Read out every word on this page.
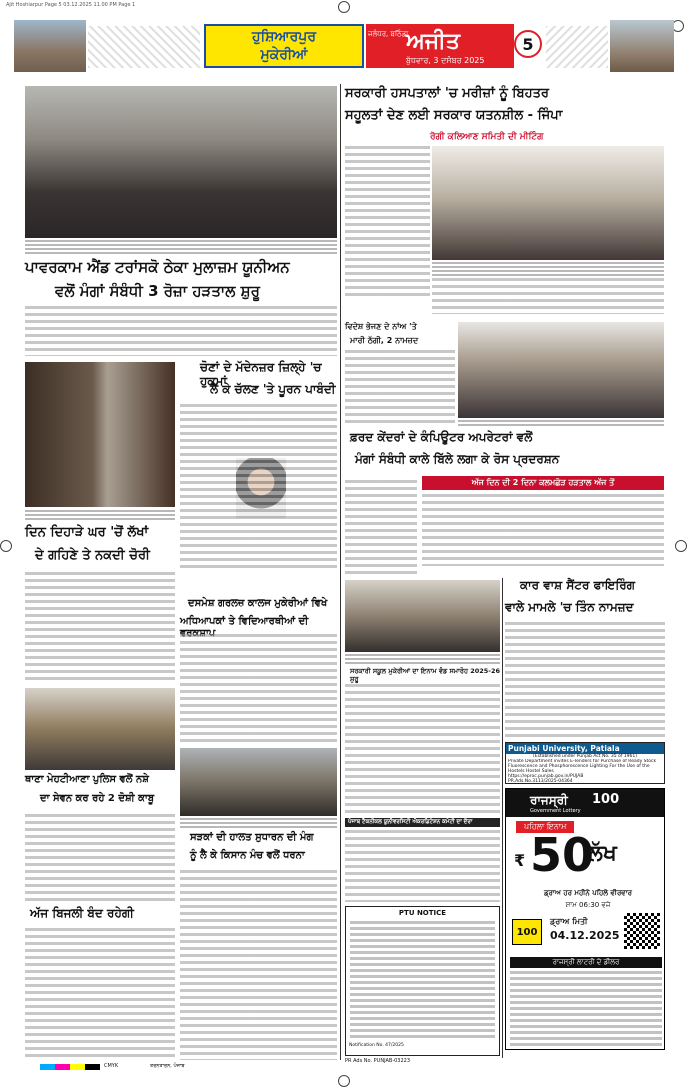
Ajit Hoshiarpur Page 5 03.12.2025 11.00 PM Page 1
ਹੁਸ਼ਿਆਰਪੁਰ
ਮੁਕੇਰੀਆਂ
ਜਲੰਧਰ, ਬਠਿੰਡਾ
ਅਜੀਤ
ਬੁੱਧਵਾਰ, 3 ਦਸੰਬਰ 2025
5
ਪਾਵਰਕਾਮ ਐਂਡ ਟਰਾਂਸਕੋ ਠੇਕਾ ਮੁਲਾਜ਼ਮ ਯੂਨੀਅਨ
ਵਲੋਂ ਮੰਗਾਂ ਸੰਬੰਧੀ 3 ਰੋਜ਼ਾ ਹੜਤਾਲ ਸ਼ੁਰੂ
ਚੋਣਾਂ ਦੇ ਮੱਦੇਨਜ਼ਰ ਜ਼ਿਲ੍ਹੇ 'ਚ ਹੁਕਮਾਂ
ਲੈ ਕੇ ਚੱਲਣ 'ਤੇ ਪੂਰਨ ਪਾਬੰਦੀ
ਦਿਨ ਦਿਹਾੜੇ ਘਰ 'ਚੋਂ ਲੱਖਾਂ
ਦੇ ਗਹਿਣੇ ਤੇ ਨਕਦੀ ਚੋਰੀ
ਦਸਮੇਸ਼ ਗਰਲਜ਼ ਕਾਲਜ ਮੁਕੇਰੀਆਂ ਵਿਖੇ
ਅਧਿਆਪਕਾਂ ਤੇ ਵਿਦਿਆਰਥੀਆਂ ਦੀ
ਥਾਣਾ ਮੇਹਟੀਆਣਾ ਪੁਲਿਸ ਵਲੋਂ ਨਸ਼ੇ
ਦਾ ਸੇਵਨ ਕਰ ਰਹੇ 2 ਦੋਸ਼ੀ ਕਾਬੂ
ਸੜਕਾਂ ਦੀ ਹਾਲਤ ਸੁਧਾਰਨ ਦੀ ਮੰਗ
ਨੂੰ ਲੈ ਕੇ ਕਿਸਾਨ ਮੰਚ ਵਲੋਂ ਧਰਨਾ
ਅੱਜ ਬਿਜਲੀ ਬੰਦ ਰਹੇਗੀ
ਸਰਕਾਰੀ ਹਸਪਤਾਲਾਂ 'ਚ ਮਰੀਜ਼ਾਂ ਨੂੰ ਬਿਹਤਰ
ਸਹੂਲਤਾਂ ਦੇਣ ਲਈ ਸਰਕਾਰ ਯਤਨਸ਼ੀਲ - ਜਿੰਪਾ
ਰੋਗੀ ਕਲਿਆਣ ਸਮਿਤੀ ਦੀ ਮੀਟਿੰਗ
ਵਿਦੇਸ਼ ਭੇਜਣ ਦੇ ਨਾਂਅ 'ਤੇ
ਮਾਰੀ ਠੱਗੀ, 2 ਨਾਮਜ਼ਦ
ਫ਼ਰਦ ਕੇਂਦਰਾਂ ਦੇ ਕੰਪਿਊਟਰ ਅਪਰੇਟਰਾਂ ਵਲੋਂ
ਮੰਗਾਂ ਸੰਬੰਧੀ ਕਾਲੇ ਬਿੱਲੇ ਲਗਾ ਕੇ ਰੋਸ ਪ੍ਰਦਰਸ਼ਨ
ਅੱਜ ਦਿਨ ਦੀ 2 ਦਿਨਾ ਕਲਮਛੋੜ ਹੜਤਾਲ ਅੱਜ ਤੋਂ
ਕਾਰ ਵਾਸ਼ ਸੈਂਟਰ ਫਾਇਰਿੰਗ
ਵਾਲੇ ਮਾਮਲੇ 'ਚ ਤਿੰਨ ਨਾਮਜ਼ਦ
ਸਰਕਾਰੀ ਸਕੂਲ ਮੁਕੇਰੀਆਂ ਦਾ ਇਨਾਮ ਵੰਡ ਸਮਾਰੋਹ 2025-26 ਸ਼ੁਰੂ
Punjabi University, Patiala
(Established under Punjab Act No. 35 of 1961)
Private Department invites E-Tenders for Purchase of Ready Stock Fluorescence and Phosphorescence Lighting For the Use of the Hostels Hostel Sales
https://eproc.punjab.gov.in/PUJAB
PR.Ads.No.3113/2025-04364
ਰਾਜਸ੍ਰੀ 100
Government Lottery
ਪਹਿਲਾ ਇਨਾਮ
₹ 50
ਲੱਖ
ਡ੍ਰਾਅ ਹਰ ਮਹੀਨੇ ਪਹਿਲੇ ਵੀਰਵਾਰ
ਸ਼ਾਮ 06:30 ਵਜੇ
100
ਡ੍ਰਾਅ ਮਿਤੀ
04.12.2025
ਰਾਜਸ੍ਰੀ ਲਾਟਰੀ ਦੇ ਡੀਲਰ
ਪੰਜਾਬ ਟੈਕਨੀਕਲ ਯੂਨੀਵਰਸਿਟੀ ਐਕਰਡਿਟੇਸ਼ਨ ਕਮੇਟੀ ਦਾ ਦੌਰਾ
PTU NOTICE
Notification No. 47/2025
PR Ads No. PUNJAB-03223
CMYK	ਤਰਨਤਾਰਨ, ਪੰਜਾਬ
